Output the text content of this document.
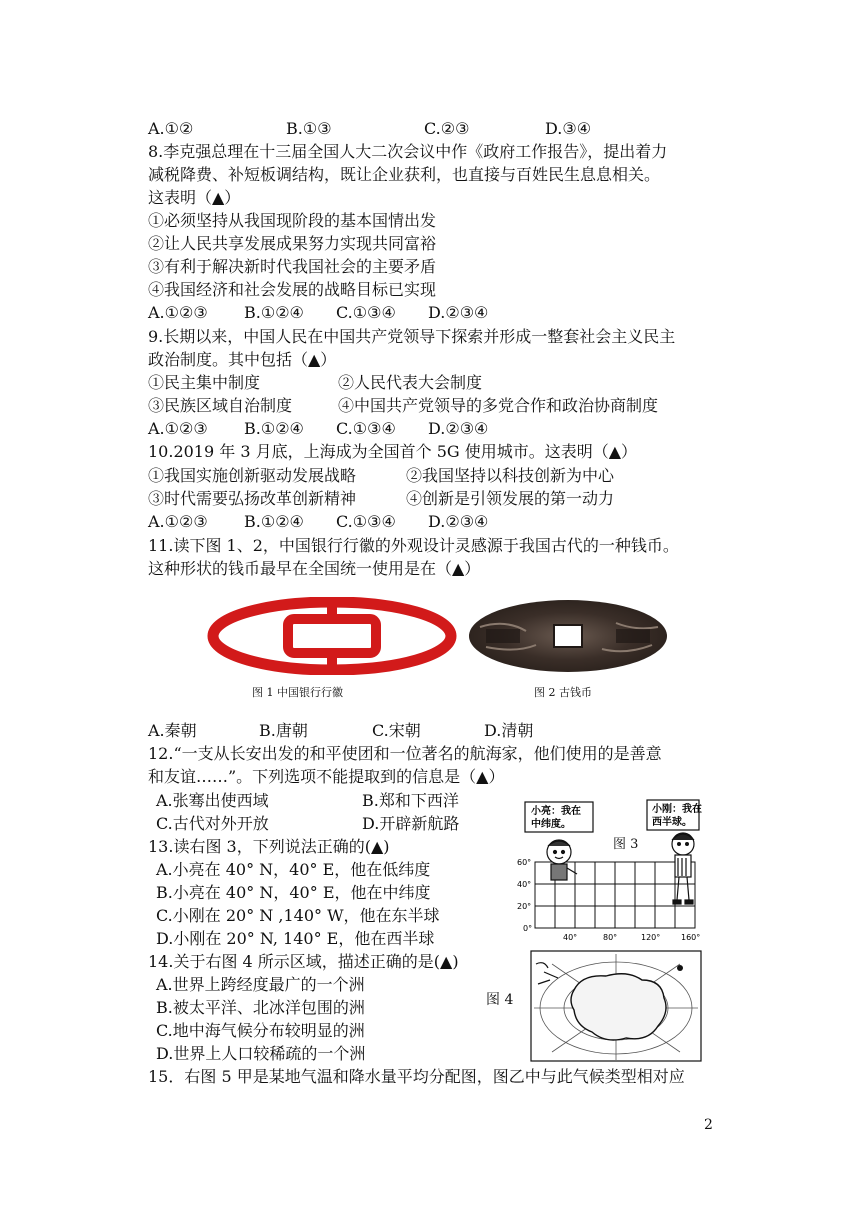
A.①②	B.①③	C.②③	D.③④
8.李克强总理在十三届全国人大二次会议中作《政府工作报告》，提出着力
减税降费、补短板调结构，既让企业获利，也直接与百姓民生息息相关。
这表明（▲）
①必须坚持从我国现阶段的基本国情出发
②让人民共享发展成果努力实现共同富裕
③有利于解决新时代我国社会的主要矛盾
④我国经济和社会发展的战略目标已实现
A.①②③ B.①②④ C.①③④ D.②③④
9.长期以来，中国人民在中国共产党领导下探索并形成一整套社会主义民主
政治制度。其中包括（▲）
①民主集中制度	②人民代表大会制度
③民族区域自治制度	④中国共产党领导的多党合作和政治协商制度
A.①②③ B.①②④ C.①③④ D.②③④
10.2019 年 3 月底，上海成为全国首个 5G 使用城市。这表明（▲）
①我国实施创新驱动发展战略	②我国坚持以科技创新为中心
③时代需要弘扬改革创新精神	④创新是引领发展的第一动力
A.①②③ B.①②④ C.①③④ D.②③④
11.读下图 1、2，中国银行行徽的外观设计灵感源于我国古代的一种钱币。
这种形状的钱币最早在全国统一使用是在（▲）
图 1 中国银行行徽	图 2 古钱币
A.秦朝	B.唐朝	C.宋朝	D.清朝
12.“一支从长安出发的和平使团和一位著名的航海家，他们使用的是善意
和友谊……”。下列选项不能提取到的信息是（▲）
A.张骞出使西域	B.郑和下西洋
C.古代对外开放	D.开辟新航路
13.读右图 3，下列说法正确的(▲)
A.小亮在 40° N，40° E，他在低纬度
B.小亮在 40° N，40° E，他在中纬度
C.小刚在 20° N ,140° W，他在东半球
D.小刚在 20° N, 140° E，他在西半球
小亮：我在
中纬度。
小刚：我在
西半球。
图 3
60°
40°
20°
0°
40°	80°	120°	160°
14.关于右图 4 所示区域，描述正确的是(▲)
A.世界上跨经度最广的一个洲
B.被太平洋、北冰洋包围的洲
C.地中海气候分布较明显的洲
D.世界上人口较稀疏的一个洲
图 4
15．右图 5 甲是某地气温和降水量平均分配图，图乙中与此气候类型相对应
2
